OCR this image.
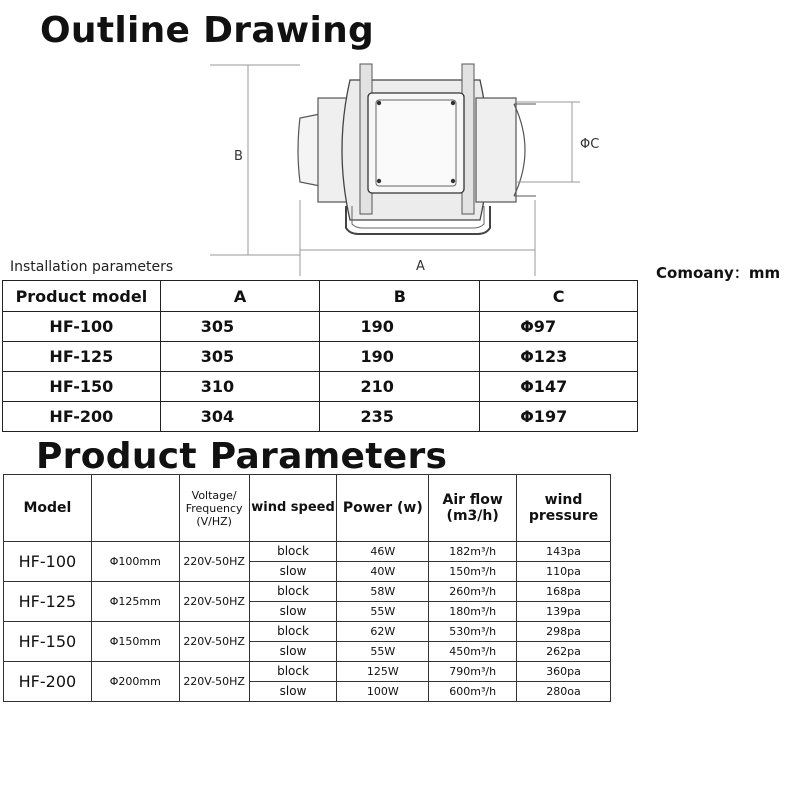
Outline Drawing
B
ΦC
A
Installation parameters	Comoany：mm
Product model	A	B	C
HF-100	305	190	Φ97
HF-125	305	190	Φ123
HF-150	310	210	Φ147
HF-200	304	235	Φ197
Product Parameters
Model		Voltage/ Frequency (V/HZ)	wind speed	Power (w)	Air flow (m3/h)	wind pressure
HF-100	Φ100mm	220V-50HZ	block	46W	182m³/h	143pa
			slow	40W	150m³/h	110pa
HF-125	Φ125mm	220V-50HZ	block	58W	260m³/h	168pa
			slow	55W	180m³/h	139pa
HF-150	Φ150mm	220V-50HZ	block	62W	530m³/h	298pa
			slow	55W	450m³/h	262pa
HF-200	Φ200mm	220V-50HZ	block	125W	790m³/h	360pa
			slow	100W	600m³/h	280oa
